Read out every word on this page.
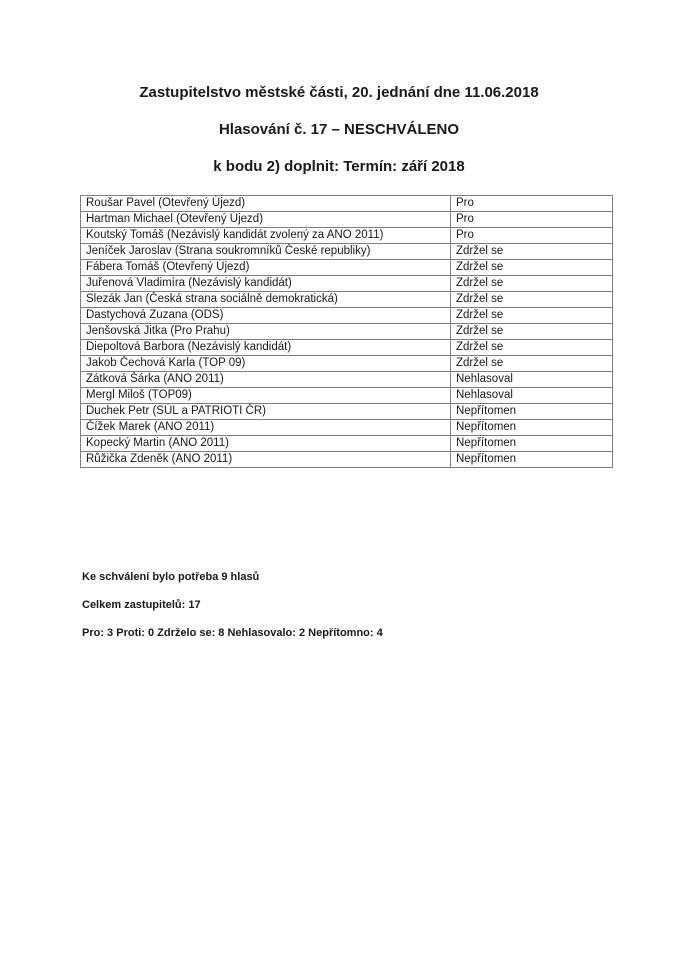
Zastupitelstvo městské části, 20. jednání dne 11.06.2018
Hlasování č. 17 – NESCHVÁLENO
k bodu 2) doplnit: Termín: září 2018
Roušar Pavel (Otevřený Újezd)	Pro
Hartman Michael (Otevřený Újezd)	Pro
Koutský Tomáš (Nezávislý kandidát zvolený za ANO 2011)	Pro
Jeníček Jaroslav (Strana soukromníků České republiky)	Zdržel se
Fábera Tomáš (Otevřený Újezd)	Zdržel se
Juřenová Vladimíra (Nezávislý kandidát)	Zdržel se
Slezák Jan (Česká strana sociálně demokratická)	Zdržel se
Dastychová Zuzana (ODS)	Zdržel se
Jenšovská Jitka (Pro Prahu)	Zdržel se
Diepoltová Barbora (Nezávislý kandidát)	Zdržel se
Jakob Čechová Karla (TOP 09)	Zdržel se
Zátková Šárka (ANO 2011)	Nehlasoval
Mergl Miloš (TOP09)	Nehlasoval
Duchek Petr (SÚL a PATRIOTI ČR)	Nepřítomen
Čížek Marek (ANO 2011)	Nepřítomen
Kopecký Martin (ANO 2011)	Nepřítomen
Růžička Zdeněk (ANO 2011)	Nepřítomen
Ke schválení bylo potřeba 9 hlasů
Celkem zastupitelů: 17
Pro: 3 Proti: 0 Zdrželo se: 8 Nehlasovalo: 2 Nepřítomno: 4
